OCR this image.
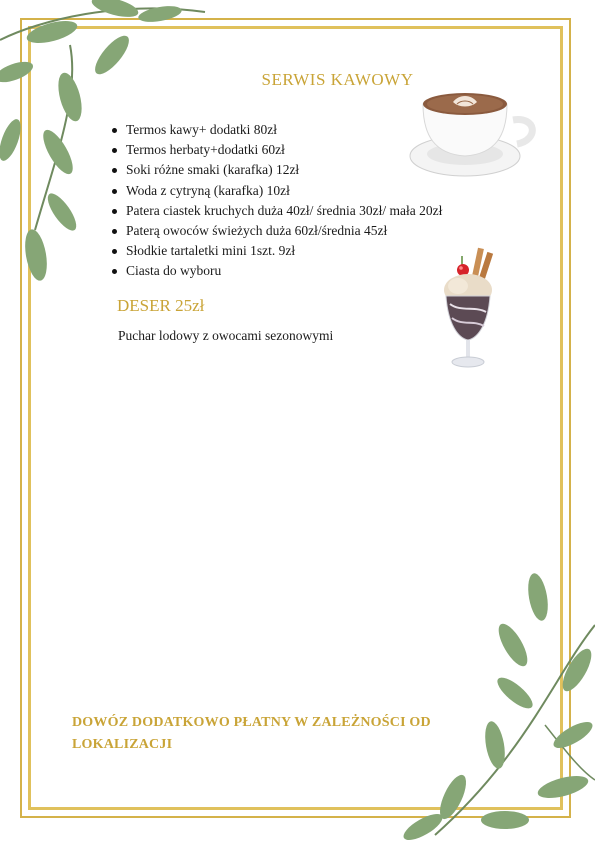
SERWIS KAWOWY
Termos kawy+ dodatki 80zł
Termos herbaty+dodatki 60zł
Soki różne smaki (karafka) 12zł
Woda z cytryną (karafka) 10zł
Patera ciastek kruchych duża 40zł/ średnia 30zł/ mała 20zł
Paterą owoców świeżych duża 60zł/średnia 45zł
Słodkie tartaletki mini 1szt. 9zł
Ciasta do wyboru
DESER 25zł
Puchar lodowy z owocami sezonowymi
DOWÓZ DODATKOWO PŁATNY W ZALEŻNOŚCI OD LOKALIZACJI
